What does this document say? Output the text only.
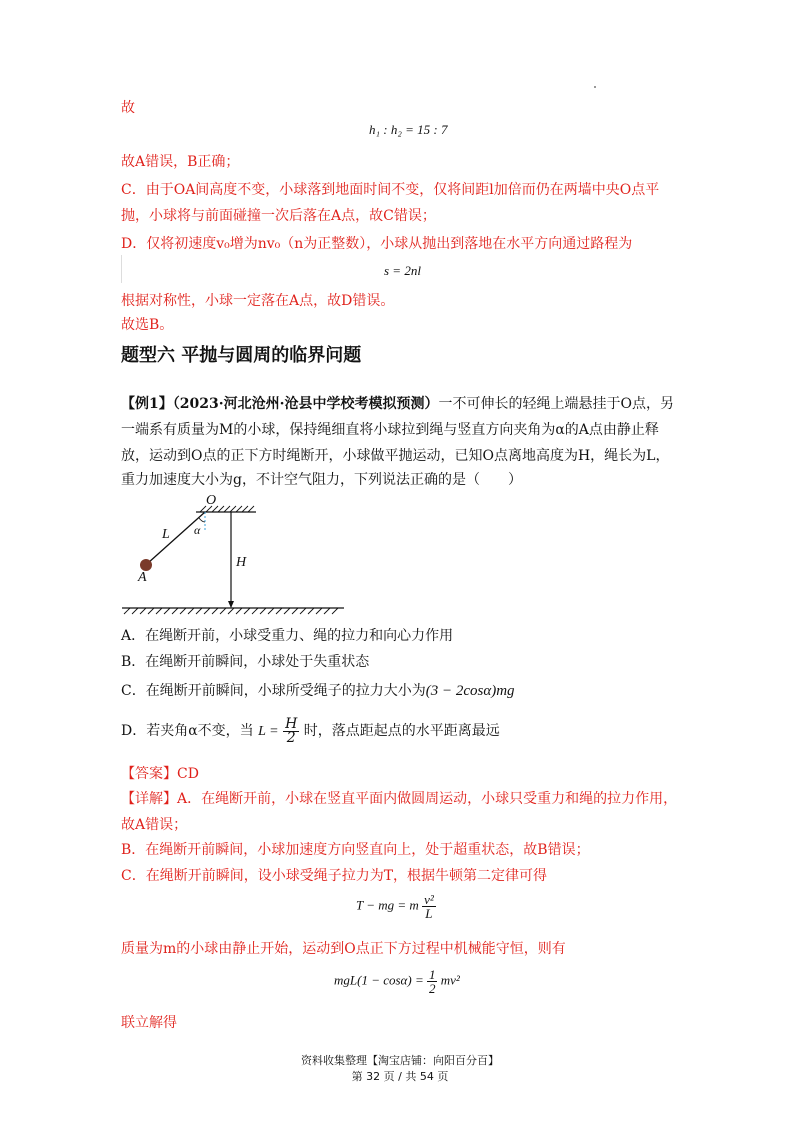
故
h₁ : h₂ = 15 : 7
故A错误，B正确；
C．由于OA间高度不变，小球落到地面时间不变，仅将间距l加倍而仍在两墙中央O点平
抛，小球将与前面碰撞一次后落在A点，故C错误；
D．仅将初速度v₀增为nv₀（n为正整数），小球从抛出到落地在水平方向通过路程为
s = 2nl
根据对称性，小球一定落在A点，故D错误。
故选B。
题型六 平抛与圆周的临界问题
【例1】（2023·河北沧州·沧县中学校考模拟预测）一不可伸长的轻绳上端悬挂于O点，另
一端系有质量为M的小球，保持绳细直将小球拉到绳与竖直方向夹角为α的A点由静止释
放，运动到O点的正下方时绳断开，小球做平抛运动，已知O点离地高度为H，绳长为L，
重力加速度大小为g，不计空气阻力，下列说法正确的是（　　）
O
L α
A
H
A．在绳断开前，小球受重力、绳的拉力和向心力作用
B．在绳断开前瞬间，小球处于失重状态
C．在绳断开前瞬间，小球所受绳子的拉力大小为(3 − 2cosα)mg
D．若夹角α不变，当 $L = \frac{H}{2}$ 时，落点距起点的水平距离最远
【答案】CD
【详解】A．在绳断开前，小球在竖直平面内做圆周运动，小球只受重力和绳的拉力作用，
故A错误；
B．在绳断开前瞬间，小球加速度方向竖直向上，处于超重状态，故B错误；
C．在绳断开前瞬间，设小球受绳子拉力为T，根据牛顿第二定律可得
T − mg = m $\frac{\text{v²}}{L}$
质量为m的小球由静止开始，运动到O点正下方过程中机械能守恒，则有
$mgL(1 - \cos\alpha) = \frac{1}{2} mv^2$
联立解得
资料收集整理【淘宝店铺：向阳百分百】
第 32 页 / 共 54 页
